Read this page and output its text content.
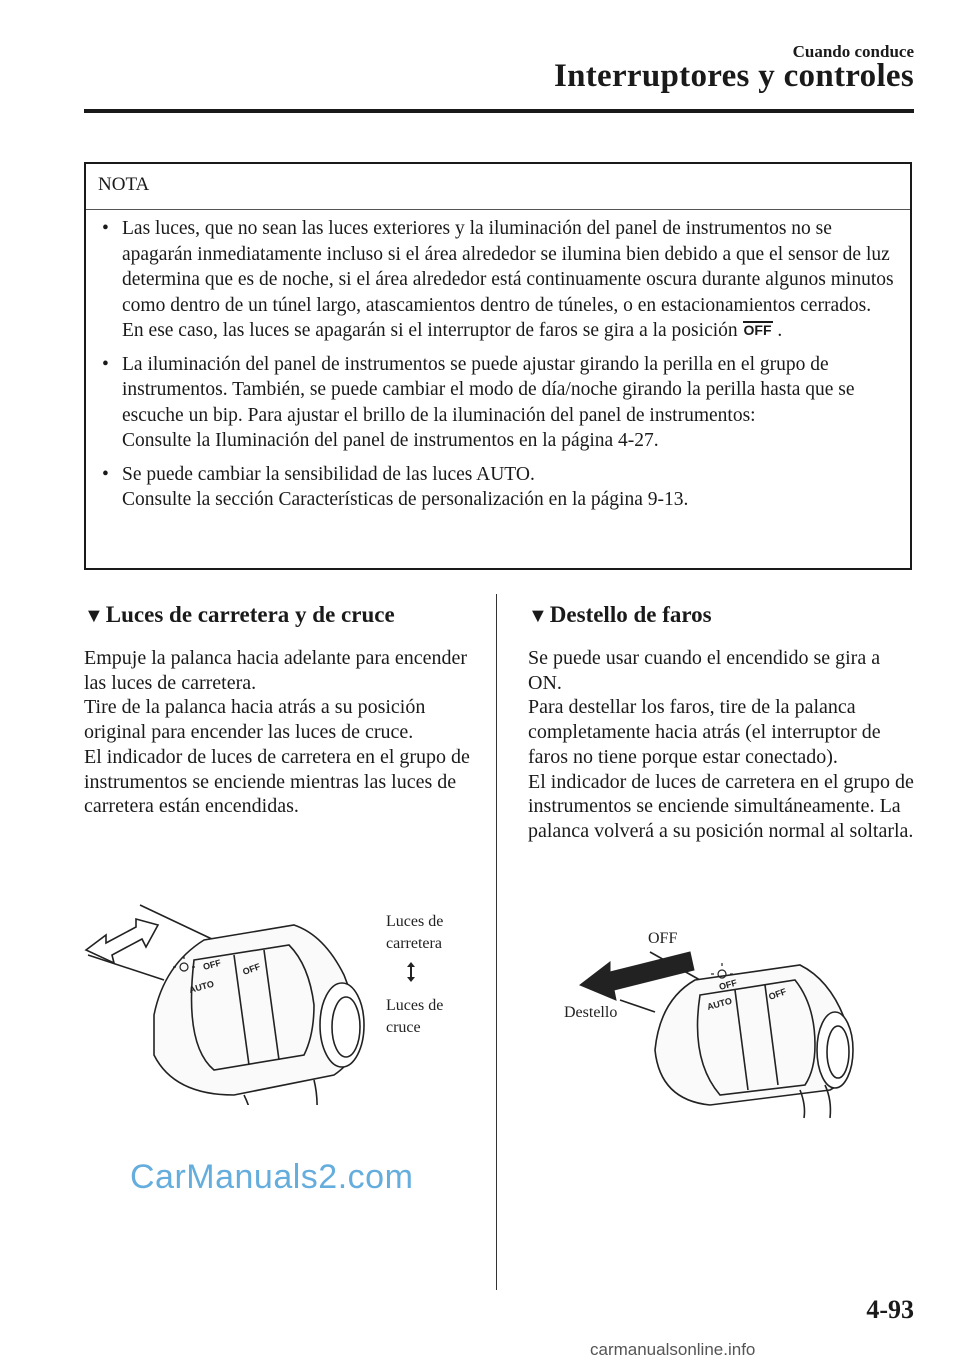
Cuando conduce
Interruptores y controles
NOTA
• Las luces, que no sean las luces exteriores y la iluminación del panel de instrumentos no se apagarán inmediatamente incluso si el área alrededor se ilumina bien debido a que el sensor de luz determina que es de noche, si el área alrededor está continuamente oscura durante algunos minutos como dentro de un túnel largo, atascamientos dentro de túneles, o en estacionamientos cerrados.
En ese caso, las luces se apagarán si el interruptor de faros se gira a la posición OFF .
• La iluminación del panel de instrumentos se puede ajustar girando la perilla en el grupo de instrumentos. También, se puede cambiar el modo de día/noche girando la perilla hasta que se escuche un bip. Para ajustar el brillo de la iluminación del panel de instrumentos:
Consulte la Iluminación del panel de instrumentos en la página 4-27.
• Se puede cambiar la sensibilidad de las luces AUTO.
Consulte la sección Características de personalización en la página 9-13.
▼Luces de carretera y de cruce
Empuje la palanca hacia adelante para encender las luces de carretera.
Tire de la palanca hacia atrás a su posición original para encender las luces de cruce.
El indicador de luces de carretera en el grupo de instrumentos se enciende mientras las luces de carretera están encendidas.
OFF
AUTO
OFF
Luces de carretera
Luces de cruce
▼Destello de faros
Se puede usar cuando el encendido se gira a ON.
Para destellar los faros, tire de la palanca completamente hacia atrás (el interruptor de faros no tiene porque estar conectado).
El indicador de luces de carretera en el grupo de instrumentos se enciende simultáneamente. La palanca volverá a su posición normal al soltarla.
OFF
Destello
OFF
AUTO
OFF
CarManuals2.com
4-93
carmanualsonline.info
